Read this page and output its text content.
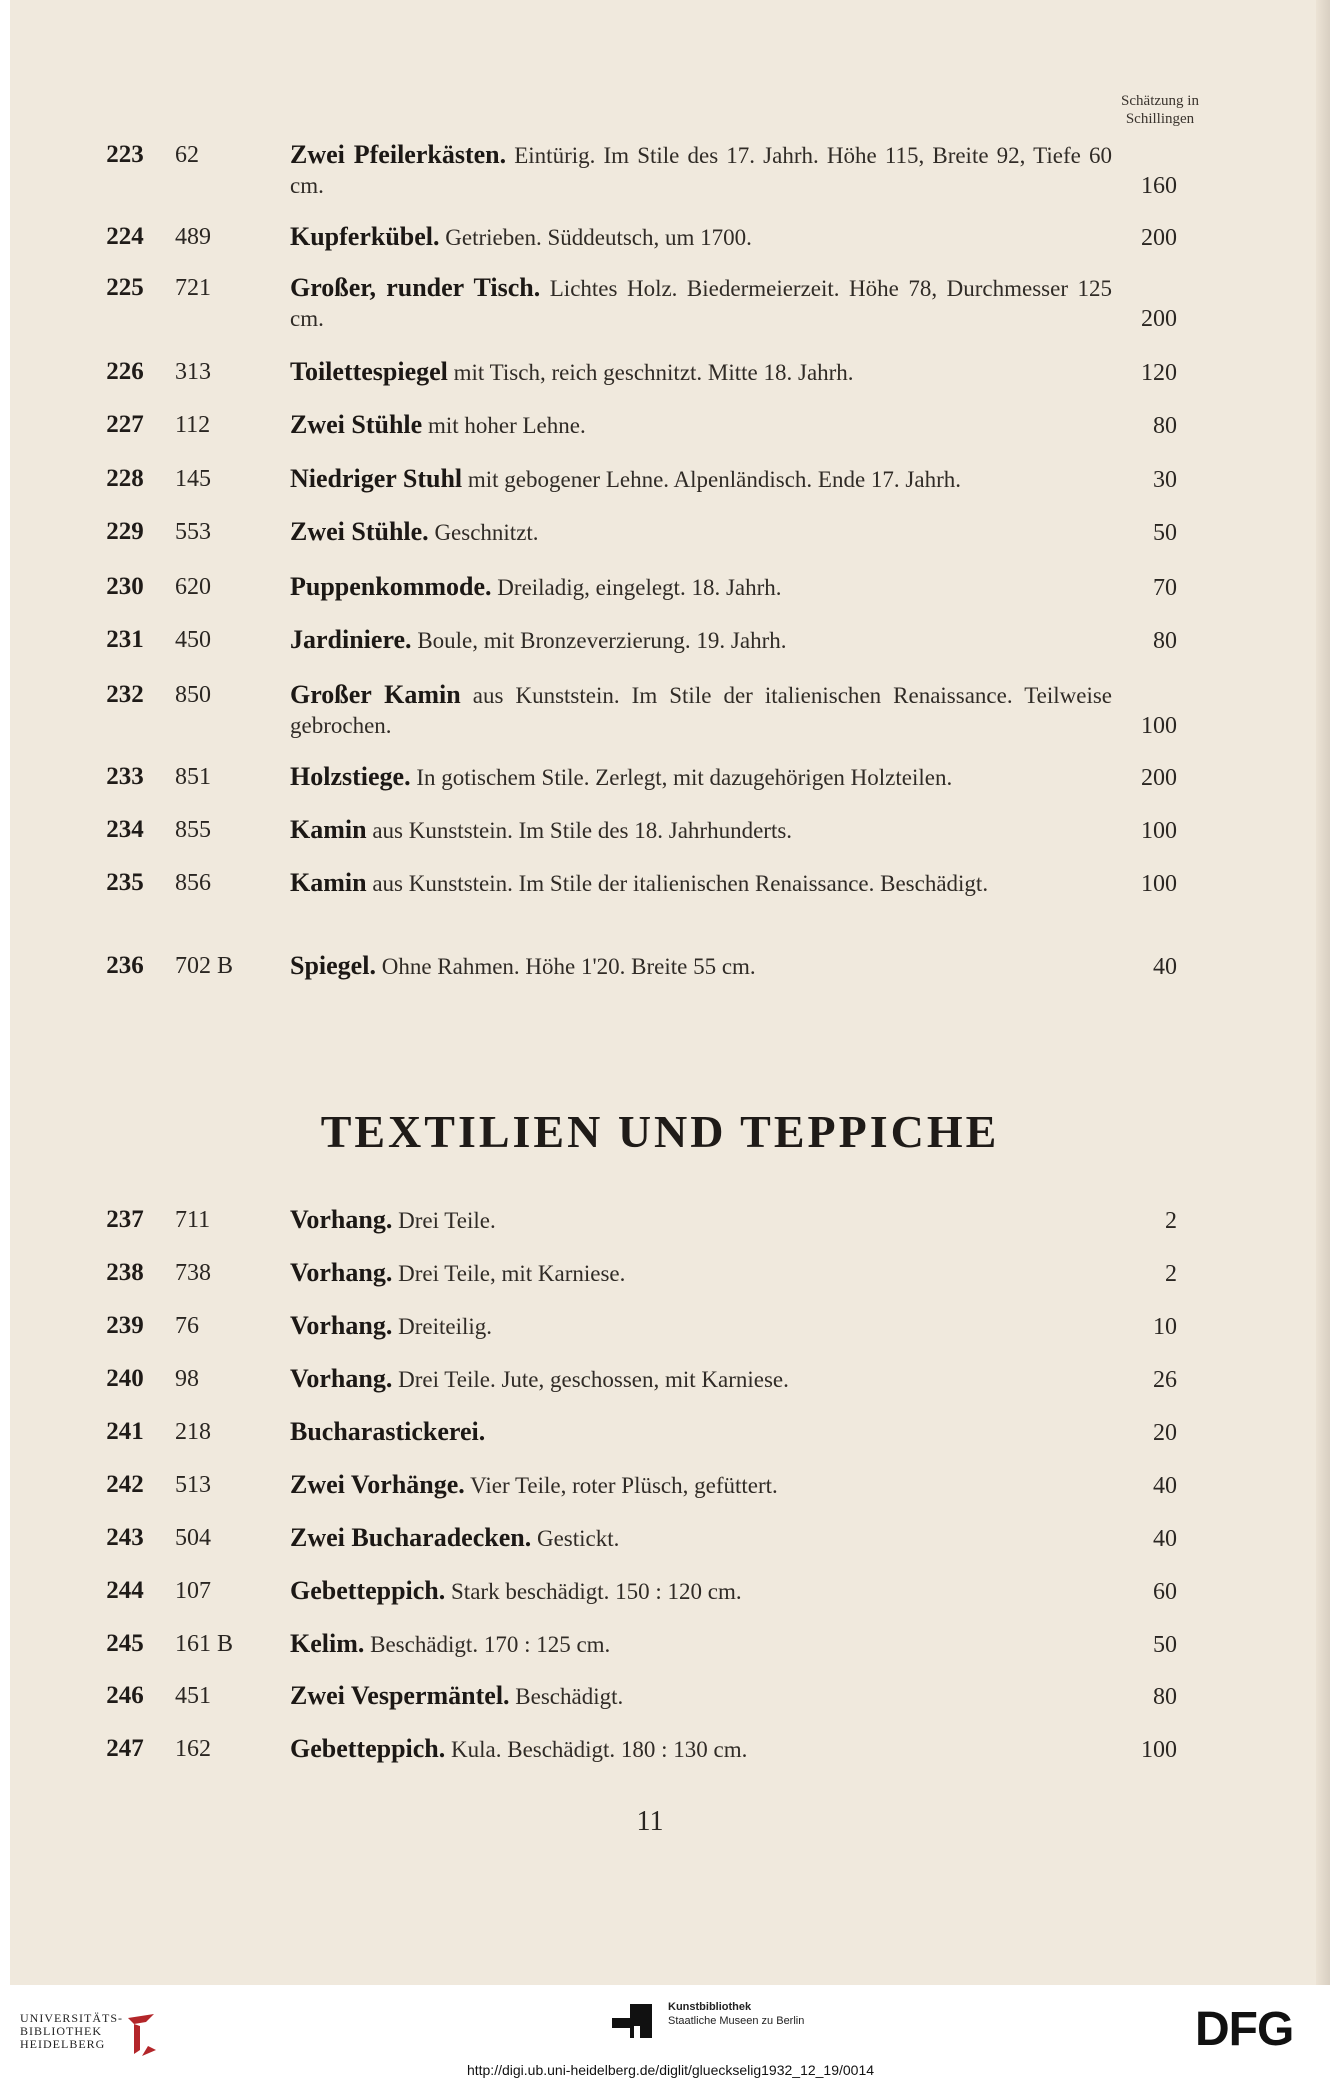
Schätzung in
Schillingen
223	62	Zwei Pfeilerkästen. Eintürig. Im Stile des 17. Jahrh. Höhe 115, Breite 92, Tiefe 60 cm.	160
224	489	Kupferkübel. Getrieben. Süddeutsch, um 1700.	200
225	721	Großer, runder Tisch. Lichtes Holz. Biedermeierzeit. Höhe 78, Durchmesser 125 cm.	200
226	313	Toilettespiegel mit Tisch, reich geschnitzt. Mitte 18. Jahrh.	120
227	112	Zwei Stühle mit hoher Lehne.	80
228	145	Niedriger Stuhl mit gebogener Lehne. Alpenländisch. Ende 17. Jahrh.	30
229	553	Zwei Stühle. Geschnitzt.	50
230	620	Puppenkommode. Dreiladig, eingelegt. 18. Jahrh.	70
231	450	Jardiniere. Boule, mit Bronzeverzierung. 19. Jahrh.	80
232	850	Großer Kamin aus Kunststein. Im Stile der italienischen Renaissance. Teilweise gebrochen.	100
233	851	Holzstiege. In gotischem Stile. Zerlegt, mit dazugehörigen Holzteilen.	200
234	855	Kamin aus Kunststein. Im Stile des 18. Jahrhunderts.	100
235	856	Kamin aus Kunststein. Im Stile der italienischen Renaissance. Beschädigt.	100
236	702 B	Spiegel. Ohne Rahmen. Höhe 1'20. Breite 55 cm.	40
TEXTILIEN UND TEPPICHE
237	711	Vorhang. Drei Teile.	2
238	738	Vorhang. Drei Teile, mit Karniese.	2
239	76	Vorhang. Dreiteilig.	10
240	98	Vorhang. Drei Teile. Jute, geschossen, mit Karniese.	26
241	218	Bucharastickerei.	20
242	513	Zwei Vorhänge. Vier Teile, roter Plüsch, gefüttert.	40
243	504	Zwei Bucharadecken. Gestickt.	40
244	107	Gebetteppich. Stark beschädigt. 150 : 120 cm.	60
245	161 B	Kelim. Beschädigt. 170 : 125 cm.	50
246	451	Zwei Vespermäntel. Beschädigt.	80
247	162	Gebetteppich. Kula. Beschädigt. 180 : 130 cm.	100
11
UNIVERSITÄTS-
BIBLIOTHEK
HEIDELBERG
Kunstbibliothek
Staatliche Museen zu Berlin	DFG
http://digi.ub.uni-heidelberg.de/diglit/glueckselig1932_12_19/0014
